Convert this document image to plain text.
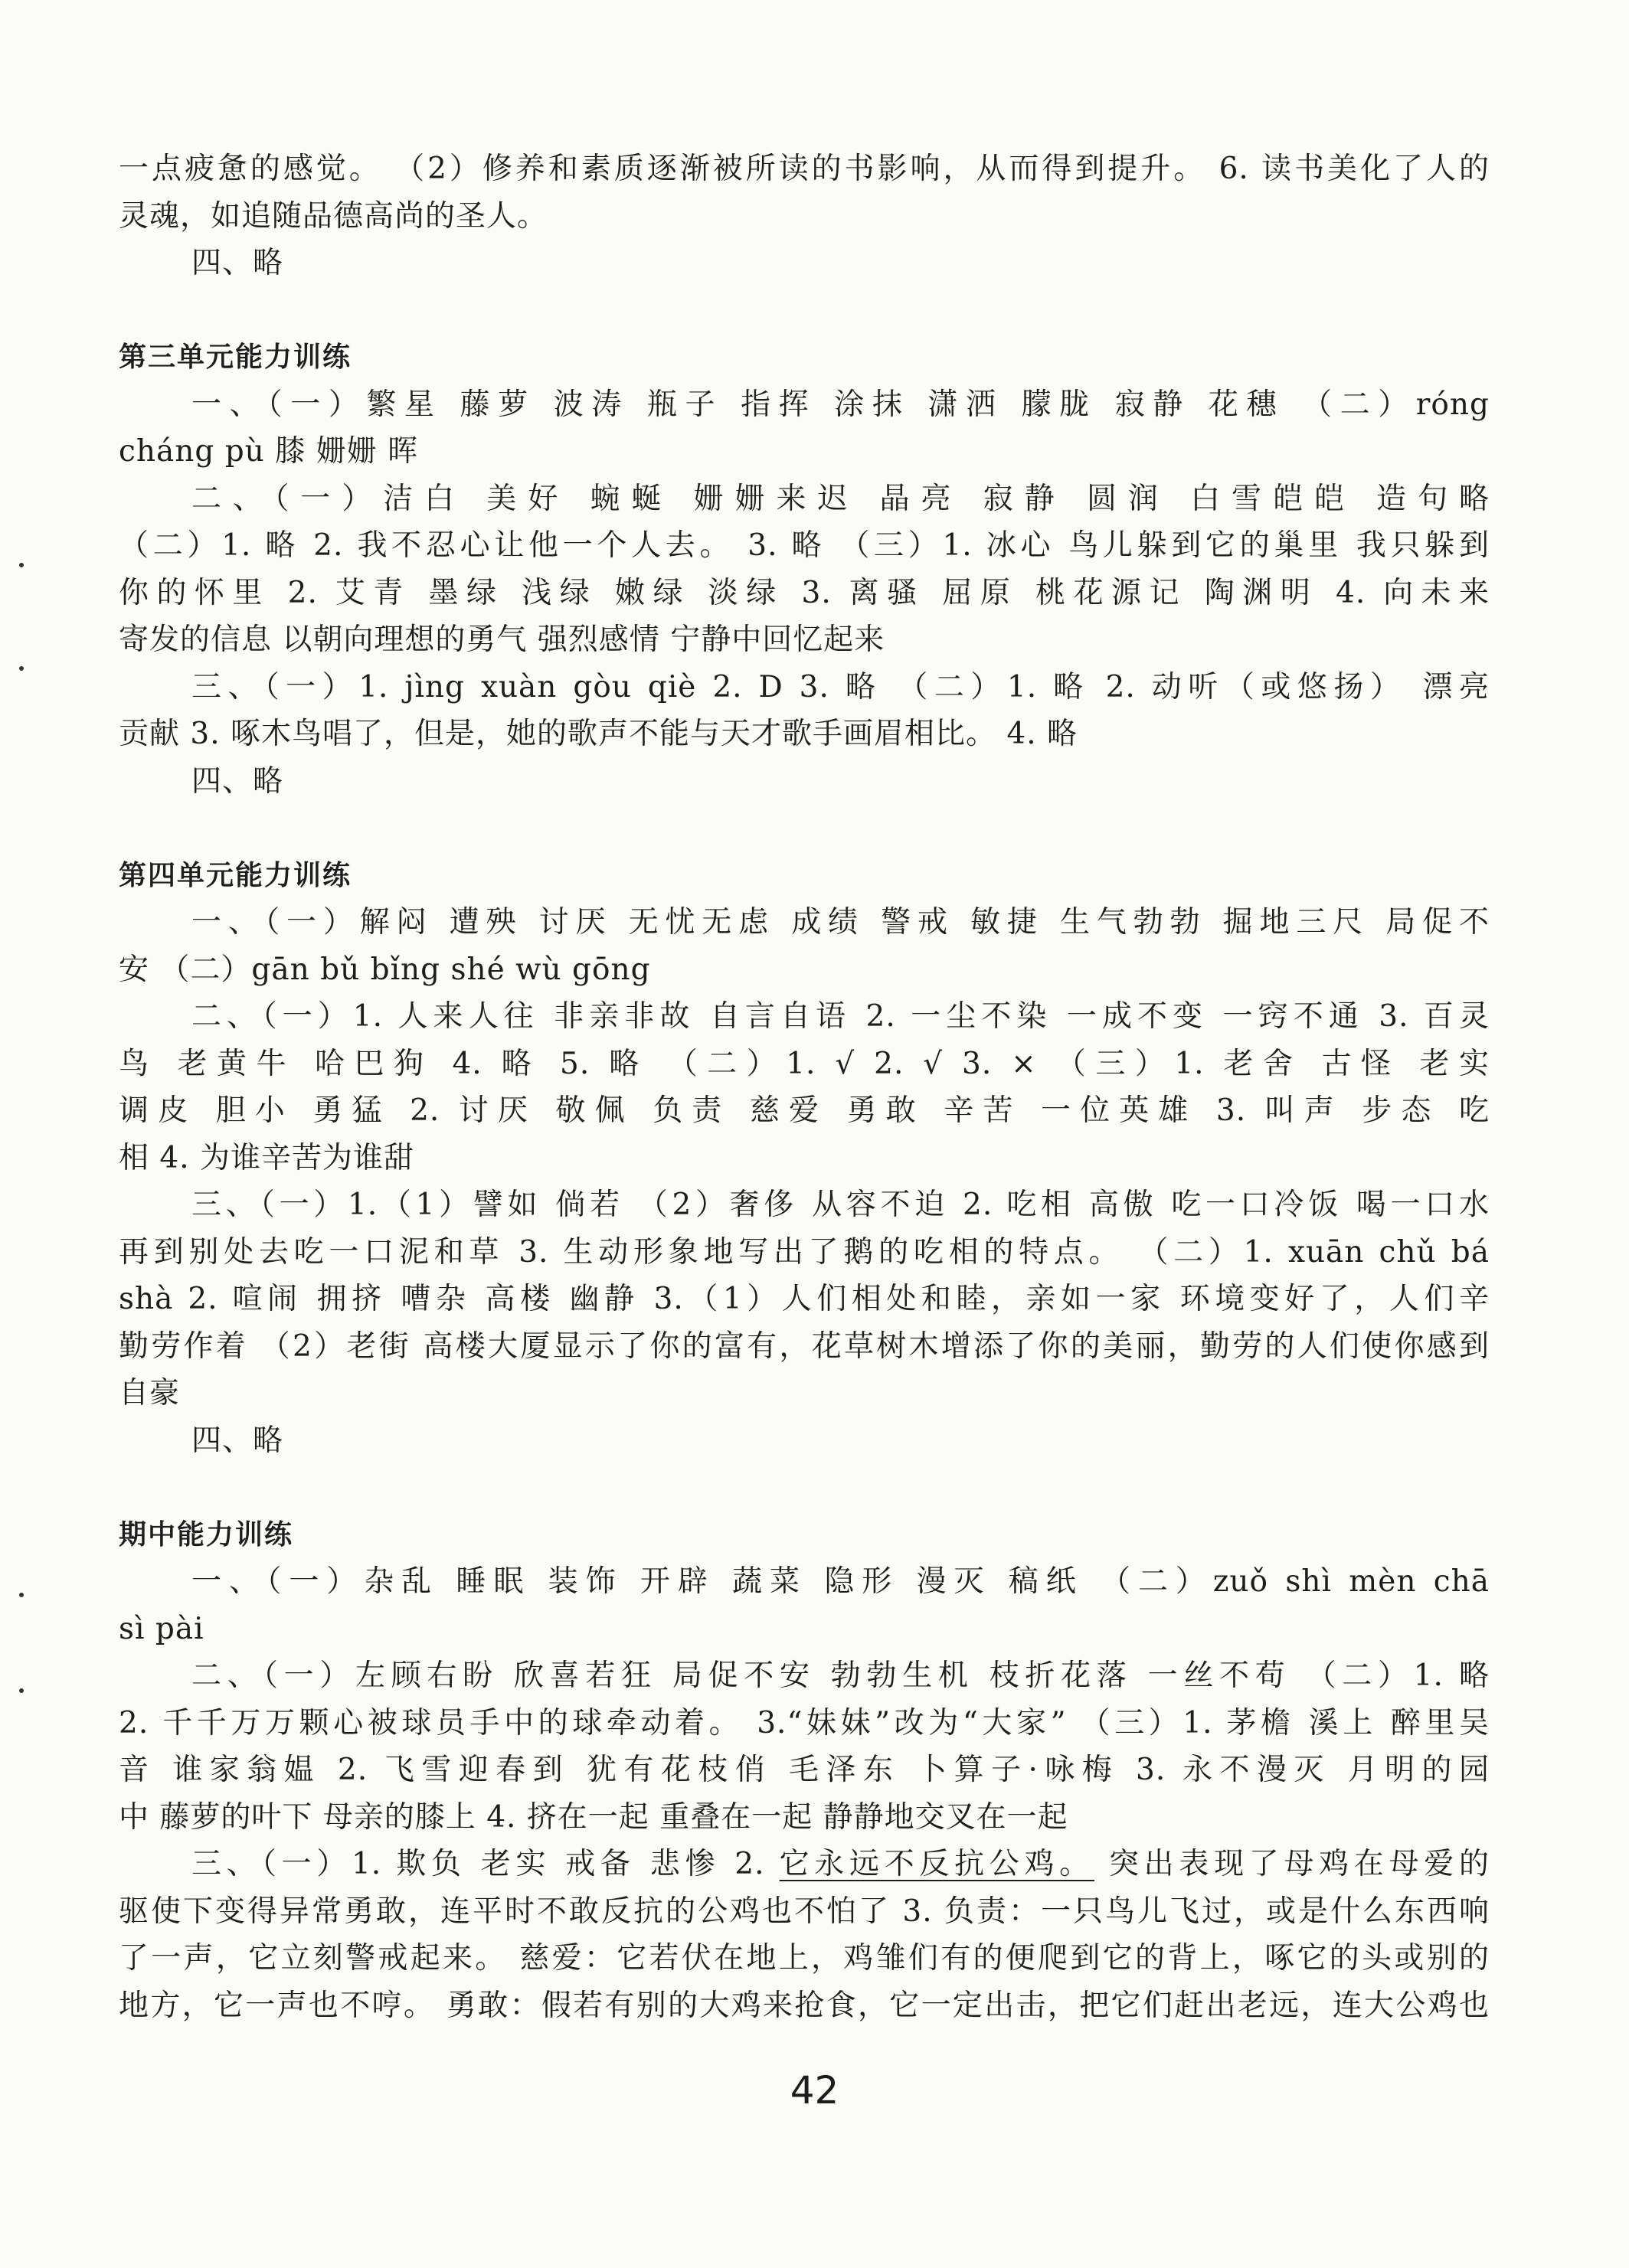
一点疲惫的感觉。 （2）修养和素质逐渐被所读的书影响，从而得到提升。 6. 读书美化了人的
灵魂，如追随品德高尚的圣人。
四、略
第三单元能力训练
一、（一）繁星 藤萝 波涛 瓶子 指挥 涂抹 潇洒 朦胧 寂静 花穗 （二）róng
cháng pù 膝 姗姗 晖
二、（一）洁白 美好 蜿蜒 姗姗来迟 晶亮 寂静 圆润 白雪皑皑 造句略
（二）1. 略 2. 我不忍心让他一个人去。 3. 略 （三）1. 冰心 鸟儿躲到它的巢里 我只躲到
你的怀里 2. 艾青 墨绿 浅绿 嫩绿 淡绿 3. 离骚 屈原 桃花源记 陶渊明 4. 向未来
寄发的信息 以朝向理想的勇气 强烈感情 宁静中回忆起来
三、（一）1. jìng xuàn gòu qiè 2. D 3. 略 （二）1. 略 2. 动听（或悠扬） 漂亮
贡献 3. 啄木鸟唱了，但是，她的歌声不能与天才歌手画眉相比。 4. 略
四、略
第四单元能力训练
一、（一）解闷 遭殃 讨厌 无忧无虑 成绩 警戒 敏捷 生气勃勃 掘地三尺 局促不
安 （二）gān bǔ bǐng shé wù gōng
二、（一）1. 人来人往 非亲非故 自言自语 2. 一尘不染 一成不变 一窍不通 3. 百灵
鸟 老黄牛 哈巴狗 4. 略 5. 略 （二）1. √ 2. √ 3. × （三）1. 老舍 古怪 老实
调皮 胆小 勇猛 2. 讨厌 敬佩 负责 慈爱 勇敢 辛苦 一位英雄 3. 叫声 步态 吃
相 4. 为谁辛苦为谁甜
三、（一）1.（1）譬如 倘若 （2）奢侈 从容不迫 2. 吃相 高傲 吃一口冷饭 喝一口水
再到别处去吃一口泥和草 3. 生动形象地写出了鹅的吃相的特点。 （二）1. xuān chǔ bá
shà 2. 喧闹 拥挤 嘈杂 高楼 幽静 3.（1）人们相处和睦，亲如一家 环境变好了，人们辛
勤劳作着 （2）老街 高楼大厦显示了你的富有，花草树木增添了你的美丽，勤劳的人们使你感到
自豪
四、略
期中能力训练
一、（一）杂乱 睡眠 装饰 开辟 蔬菜 隐形 漫灭 稿纸 （二）zuǒ shì mèn chā
sì pài
二、（一）左顾右盼 欣喜若狂 局促不安 勃勃生机 枝折花落 一丝不苟 （二）1. 略
2. 千千万万颗心被球员手中的球牵动着。 3.“妹妹”改为“大家” （三）1. 茅檐 溪上 醉里吴
音 谁家翁媪 2. 飞雪迎春到 犹有花枝俏 毛泽东 卜算子·咏梅 3. 永不漫灭 月明的园
中 藤萝的叶下 母亲的膝上 4. 挤在一起 重叠在一起 静静地交叉在一起
三、（一）1. 欺负 老实 戒备 悲惨 2. 它永远不反抗公鸡。 突出表现了母鸡在母爱的
驱使下变得异常勇敢，连平时不敢反抗的公鸡也不怕了 3. 负责：一只鸟儿飞过，或是什么东西响
了一声，它立刻警戒起来。 慈爱：它若伏在地上，鸡雏们有的便爬到它的背上，啄它的头或别的
地方，它一声也不哼。 勇敢：假若有别的大鸡来抢食，它一定出击，把它们赶出老远，连大公鸡也
42
